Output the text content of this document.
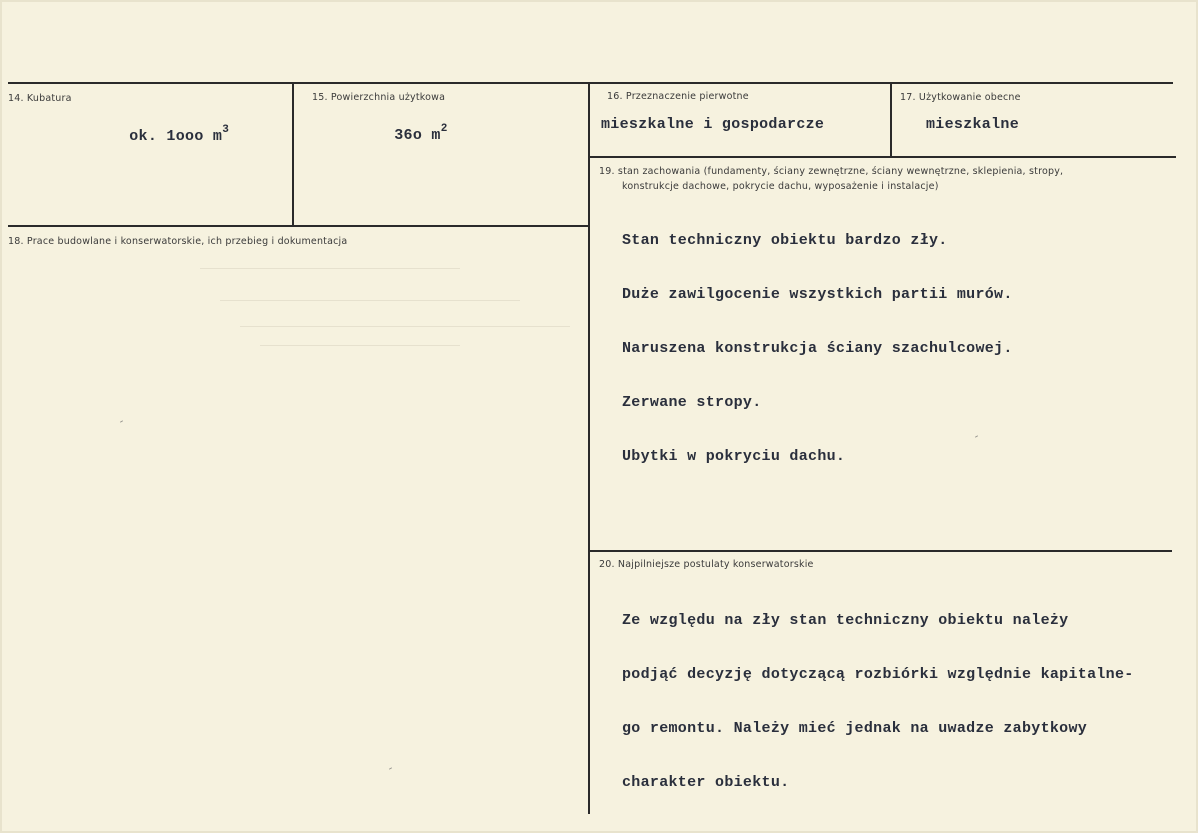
14. Kubatura

ok. 1ooo $m^3$

15. Powierzchnia użytkowa

36o $m^2$

16. Przeznaczenie pierwotne
mieszkalne i gospodarcze
17. Użytkowanie obecne
mieszkalne
18. Prace budowlane i konserwatorskie, ich przebieg i dokumentacja
19. stan zachowania (fundamenty, ściany zewnętrzne, ściany wewnętrzne, sklepienia, stropy,
konstrukcje dachowe, pokrycie dachu, wyposażenie i instalacje)

Stan techniczny obiektu bardzo zły.

Duże zawilgocenie wszystkich partii murów.

Naruszena konstrukcja ściany szachulcowej.

Zerwane stropy.

Ubytki w pokryciu dachu.

20. Najpilniejsze postulaty konserwatorskie

Ze względu na zły stan techniczny obiektu należy

podjąć decyzję dotyczącą rozbiórki względnie kapitalne-

go remontu. Należy mieć jednak na uwadze zabytkowy

charakter obiektu.
